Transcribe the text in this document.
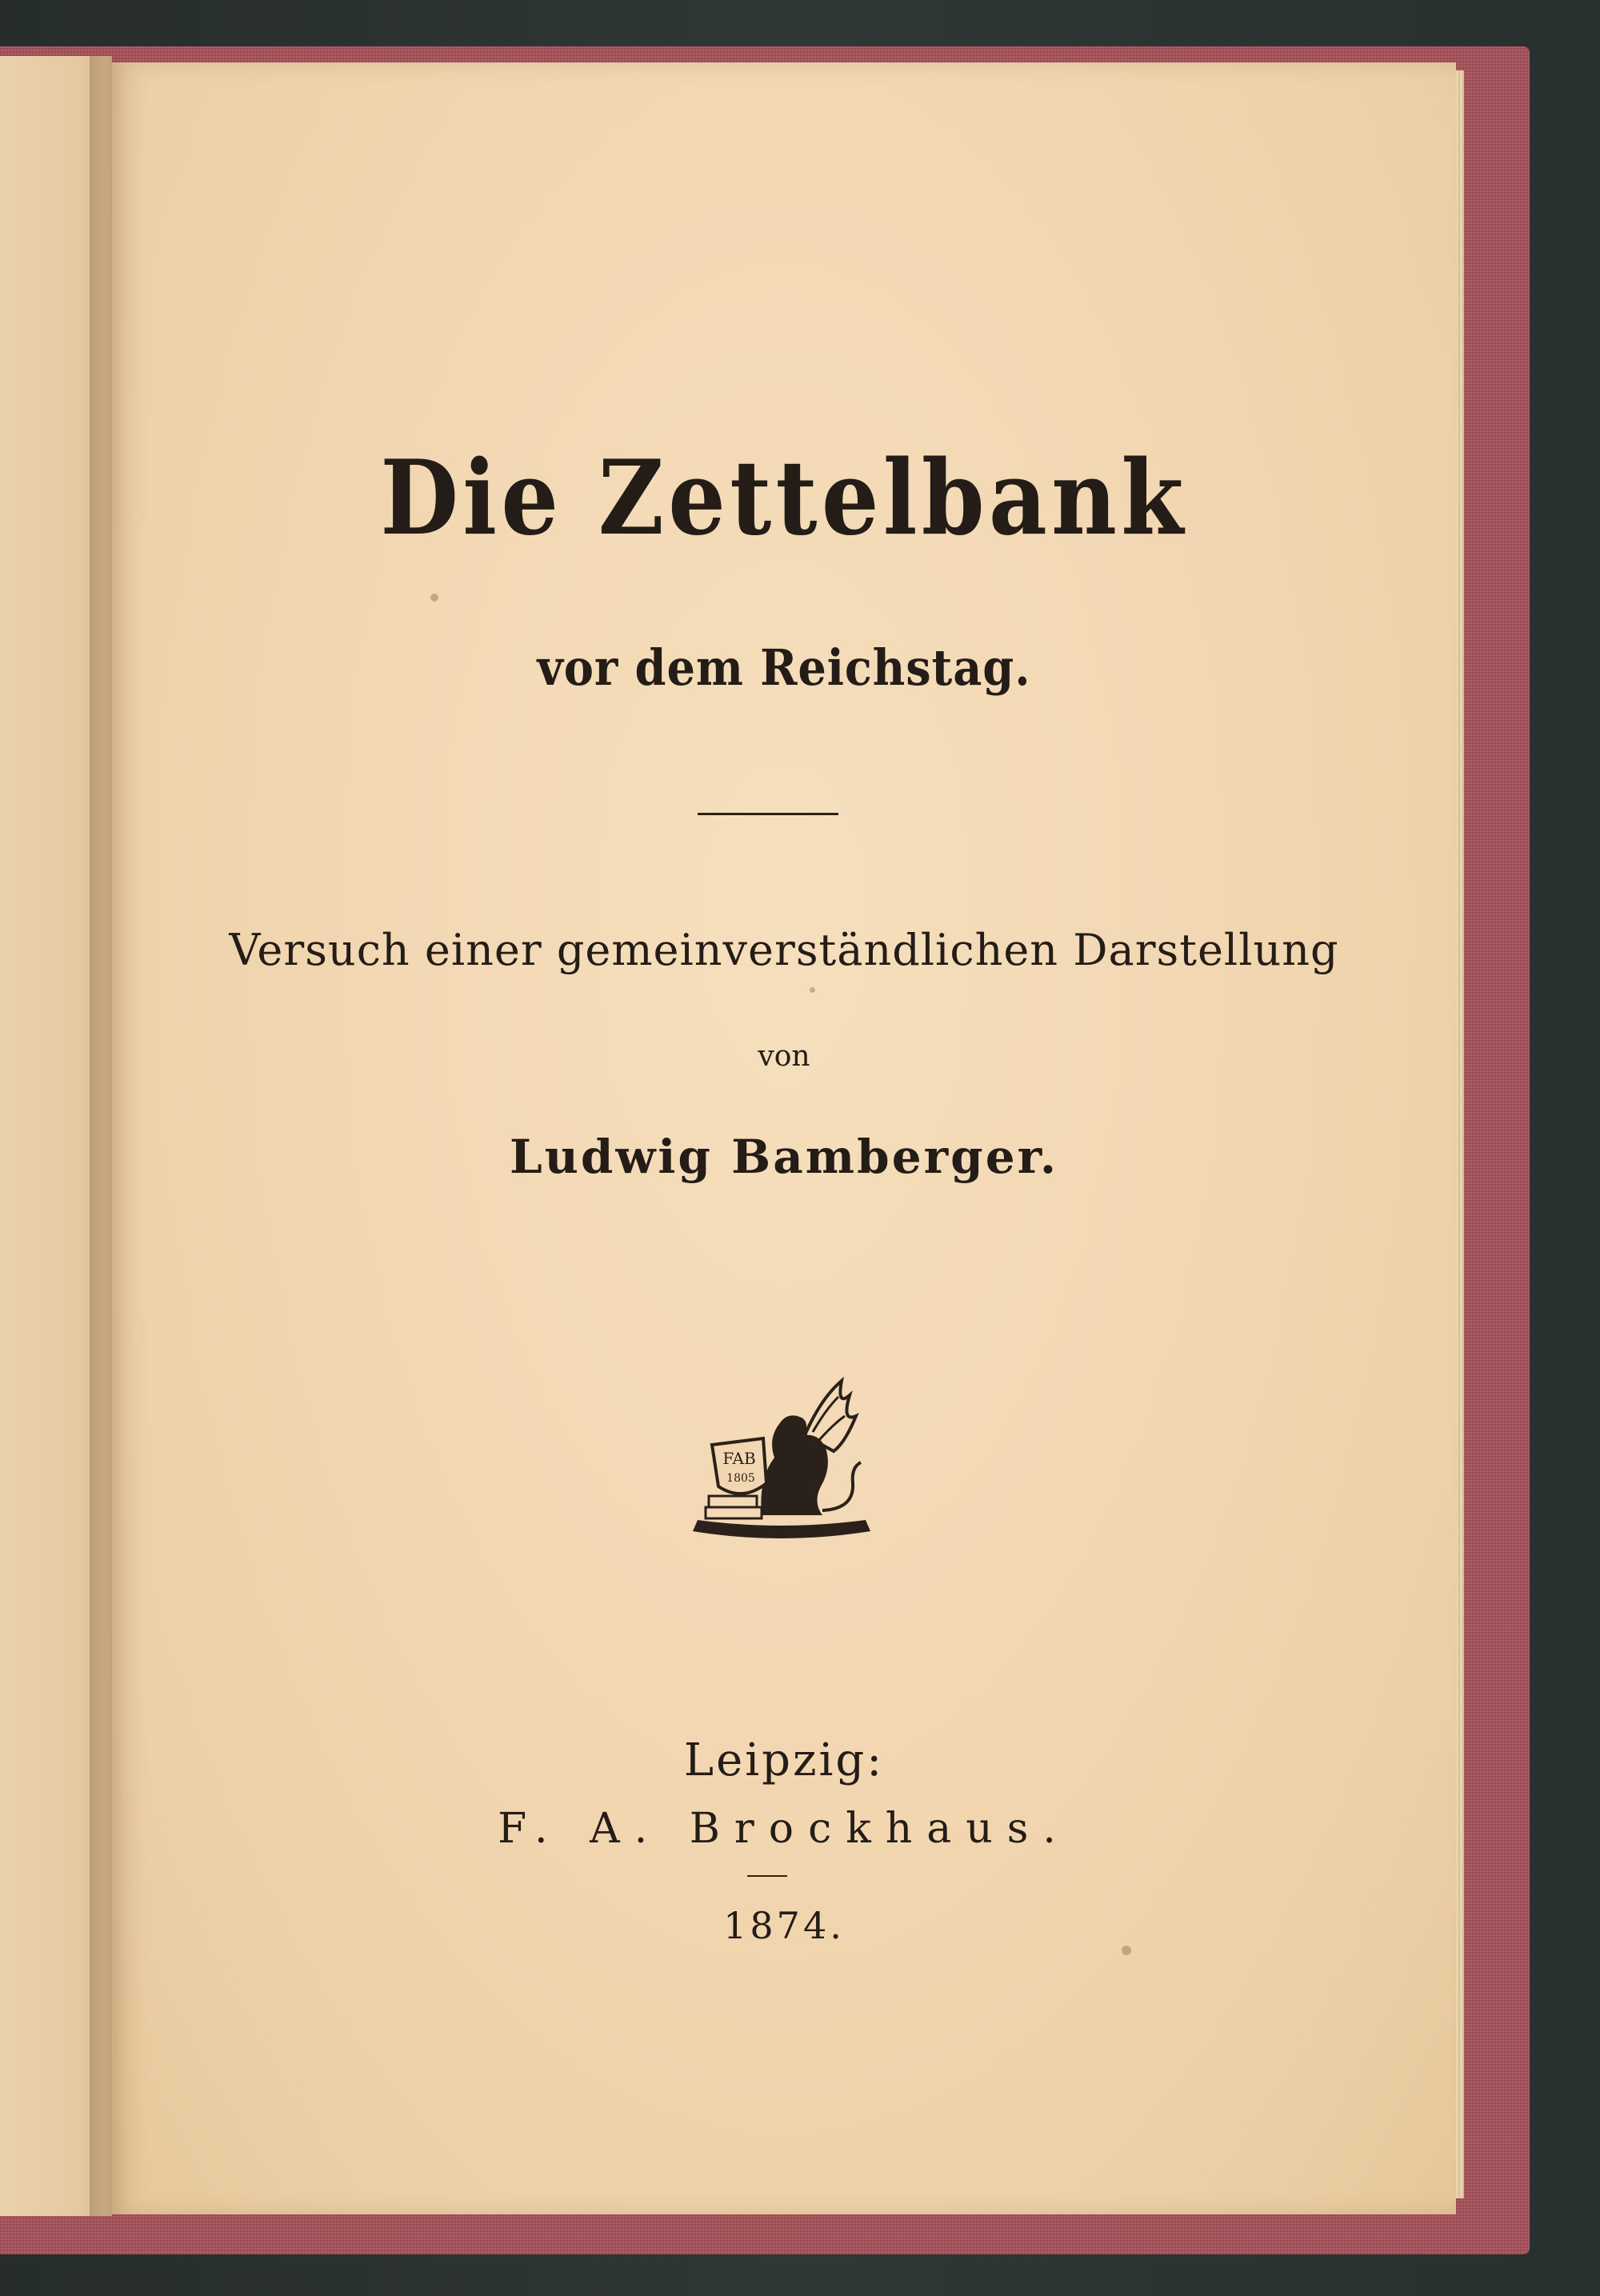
Die Zettelbank
vor dem Reichstag.
Versuch einer gemeinverständlichen Darstellung
von
Ludwig Bamberger.
FAB
1805
Leipzig:
F. A. Brockhaus.
1874.
